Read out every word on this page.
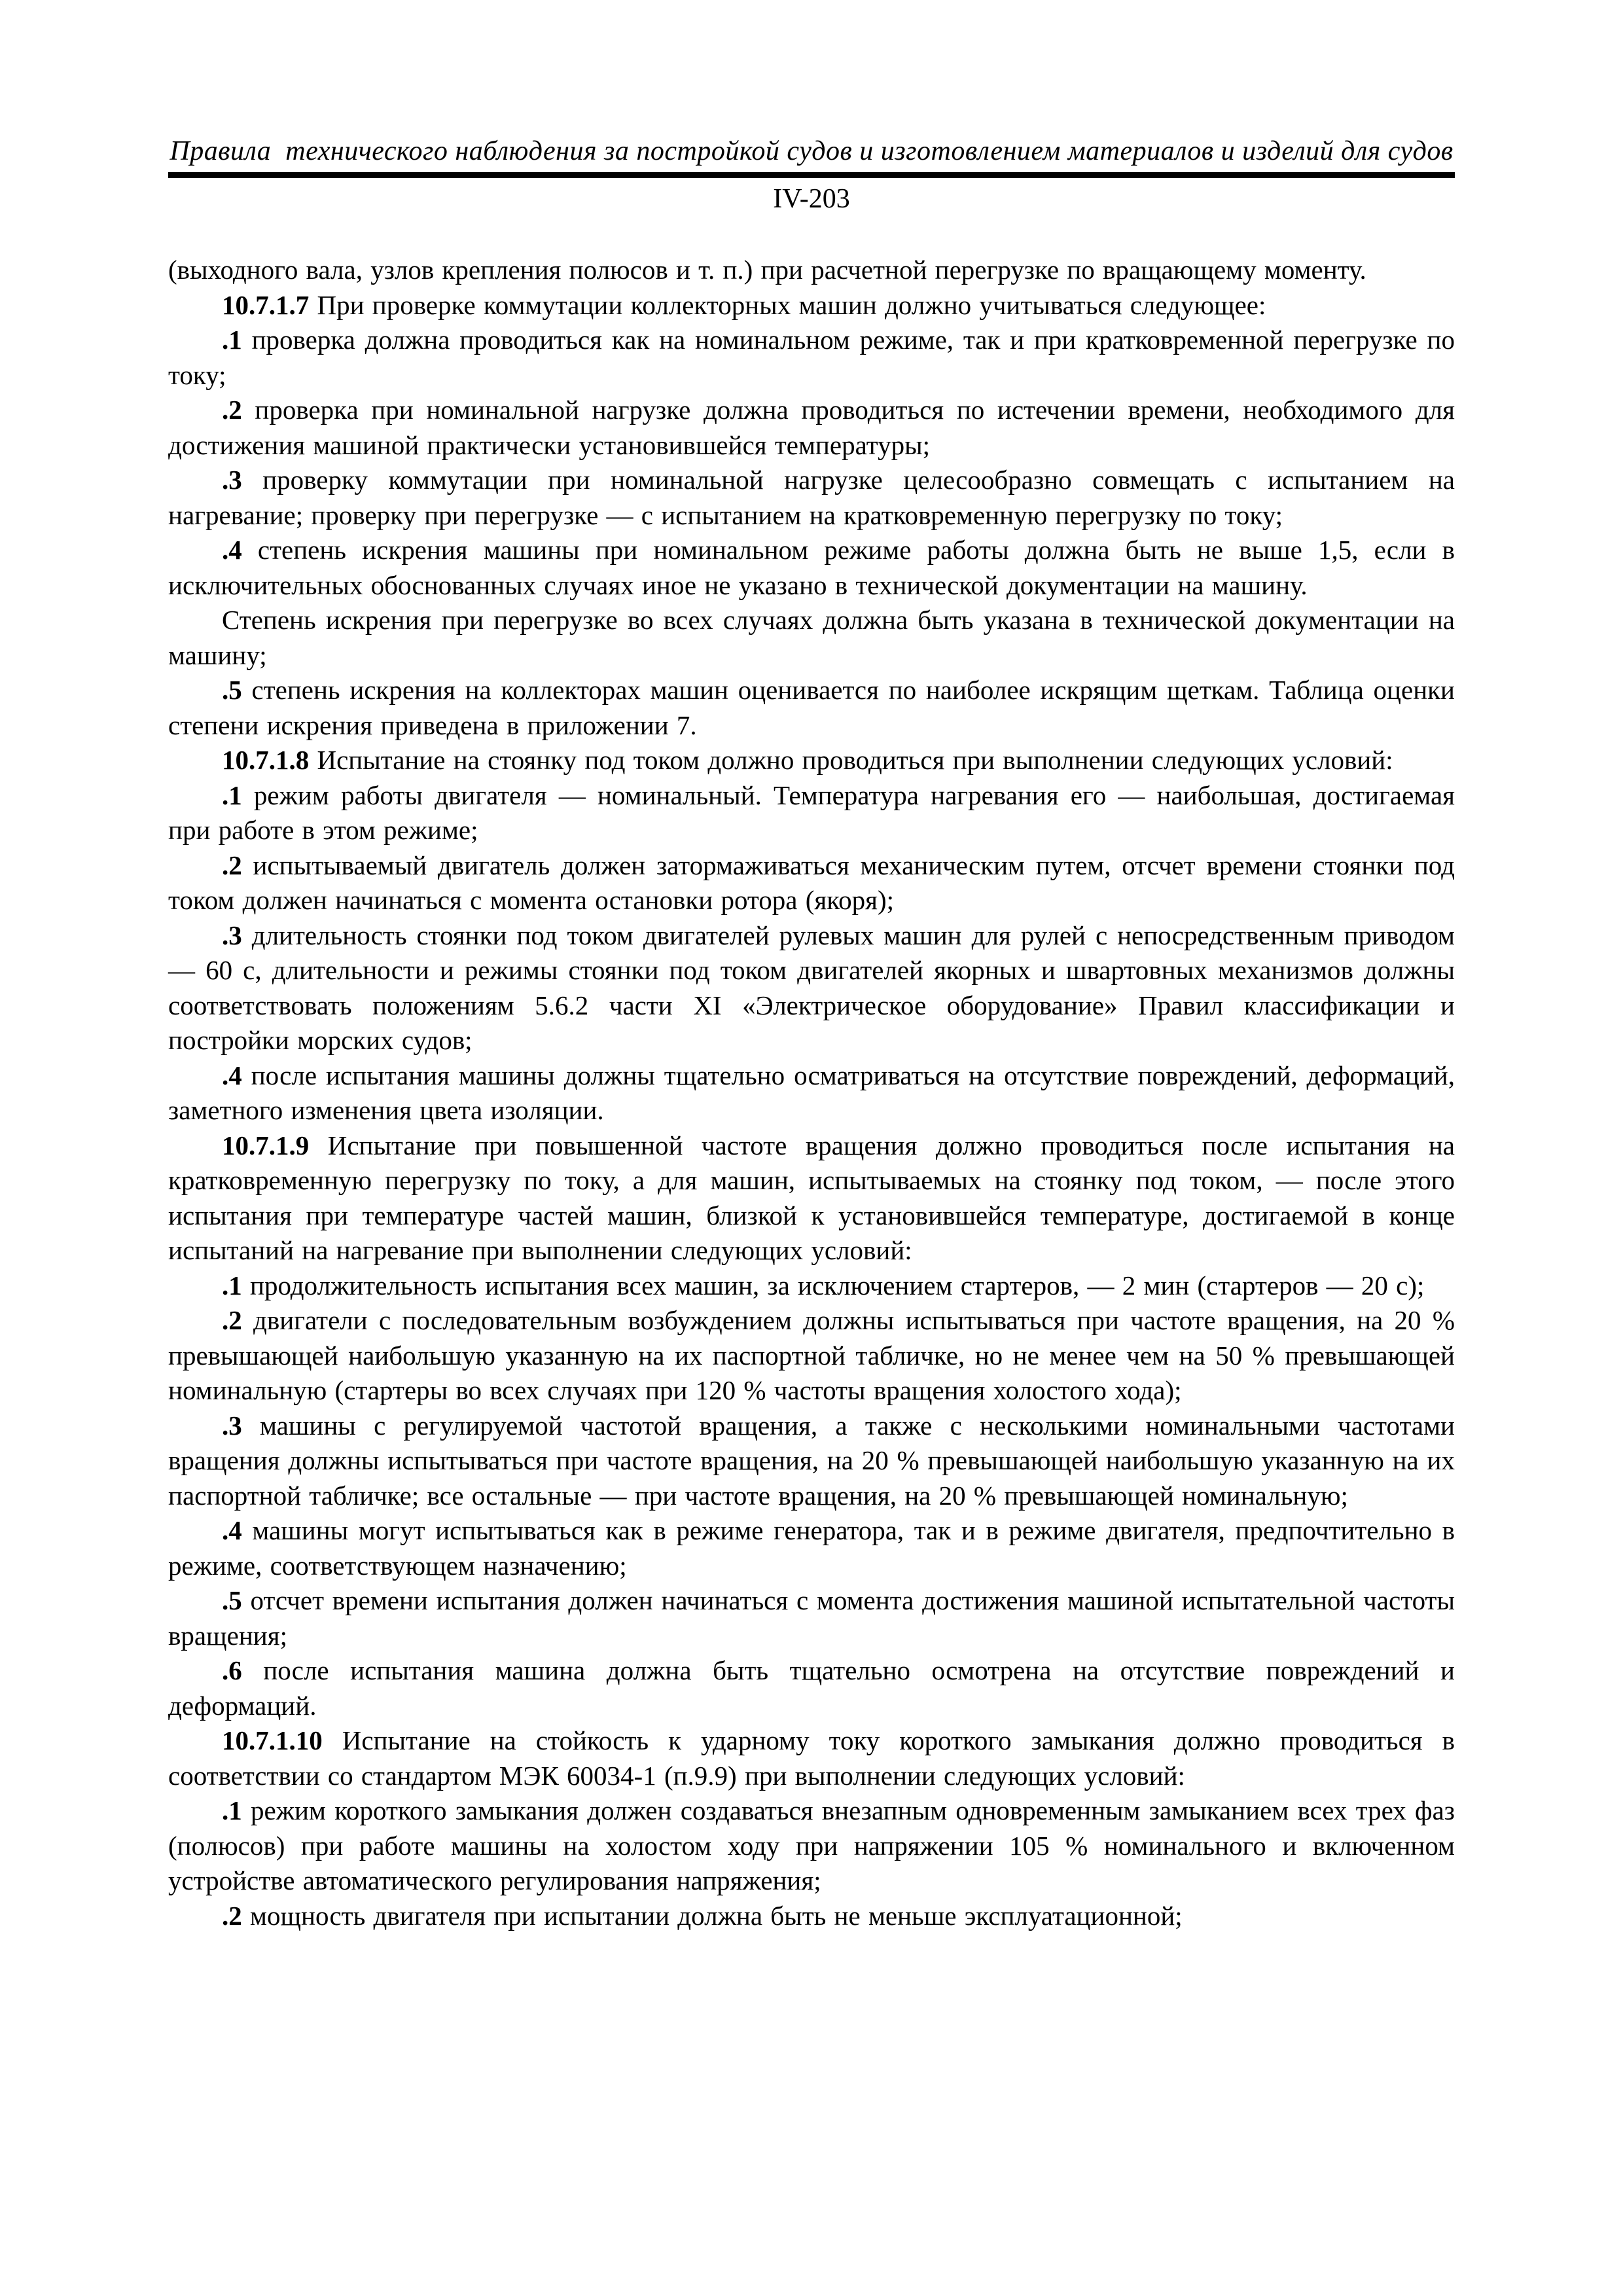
Правила  технического наблюдения за постройкой судов и изготовлением материалов и изделий для судов
IV-203

(выходного вала, узлов крепления полюсов и т. п.) при расчетной перегрузке по вращающему моменту.

10.7.1.7 При проверке коммутации коллекторных машин должно учитываться следующее:

.1 проверка должна проводиться как на номинальном режиме, так и при кратковременной перегрузке по току;

.2 проверка при номинальной нагрузке должна проводиться по истечении времени, необходимого для достижения машиной практически установившейся температуры;

.3 проверку коммутации при номинальной нагрузке целесообразно совмещать с испытанием на нагревание; проверку при перегрузке — с испытанием на кратковременную перегрузку по току;

.4 степень искрения машины при номинальном режиме работы должна быть не выше 1,5, если в исключительных обоснованных случаях иное не указано в технической документации на машину.

Степень искрения при перегрузке во всех случаях должна быть указана в технической документации на машину;

.5 степень искрения на коллекторах машин оценивается по наиболее искрящим щеткам. Таблица оценки степени искрения приведена в приложении 7.

10.7.1.8 Испытание на стоянку под током должно проводиться при выполнении следующих условий:

.1 режим работы двигателя — номинальный. Температура нагревания его — наибольшая, достигаемая при работе в этом режиме;

.2 испытываемый двигатель должен затормаживаться механическим путем, отсчет времени стоянки под током должен начинаться с момента остановки ротора (якоря);

.3 длительность стоянки под током двигателей рулевых машин для рулей с непосредственным приводом — 60 с, длительности и режимы стоянки под током двигателей якорных и швартовных механизмов должны соответствовать положениям 5.6.2 части XI «Электрическое оборудование» Правил классификации и постройки морских судов;

.4 после испытания машины должны тщательно осматриваться на отсутствие повреждений, деформаций, заметного изменения цвета изоляции.

10.7.1.9 Испытание при повышенной частоте вращения должно проводиться после испытания на кратковременную перегрузку по току, а для машин, испытываемых на стоянку под током, — после этого испытания при температуре частей машин, близкой к установившейся температуре, достигаемой в конце испытаний на нагревание при выполнении следующих условий:

.1 продолжительность испытания всех машин, за исключением стартеров, — 2 мин (стартеров — 20 с);

.2 двигатели с последовательным возбуждением должны испытываться при частоте вращения, на 20 % превышающей наибольшую указанную на их паспортной табличке, но не менее чем на 50 % превышающей номинальную (стартеры во всех случаях при 120 % частоты вращения холостого хода);

.3 машины с регулируемой частотой вращения, а также с несколькими номинальными частотами вращения должны испытываться при частоте вращения, на 20 % превышающей наибольшую указанную на их паспортной табличке; все остальные — при частоте вращения, на 20 % превышающей номинальную;

.4 машины могут испытываться как в режиме генератора, так и в режиме двигателя, предпочтительно в режиме, соответствующем назначению;

.5 отсчет времени испытания должен начинаться с момента достижения машиной испытательной частоты вращения;

.6 после испытания машина должна быть тщательно осмотрена на отсутствие повреждений и деформаций.

10.7.1.10 Испытание на стойкость к ударному току короткого замыкания должно проводиться в соответствии со стандартом МЭК 60034-1 (п.9.9) при выполнении следующих условий:

.1 режим короткого замыкания должен создаваться внезапным одновременным замыканием всех трех фаз (полюсов) при работе машины на холостом ходу при напряжении 105 % номинального и включенном устройстве автоматического регулирования напряжения;

.2 мощность двигателя при испытании должна быть не меньше эксплуатационной;
